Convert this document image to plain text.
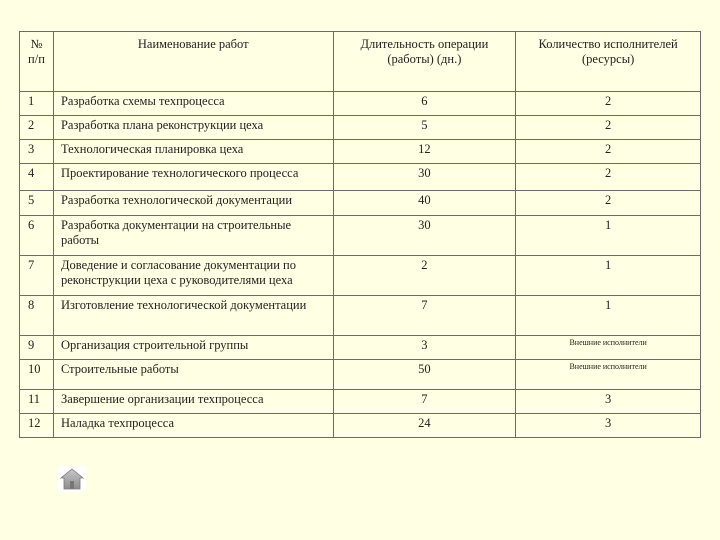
№ п/п	Наименование работ	Длительность операции (работы) (дн.)	Количество исполнителей (ресурсы)
1	Разработка схемы техпроцесса	6	2
2	Разработка плана реконструкции цеха	5	2
3	Технологическая планировка цеха	12	2
4	Проектирование технологического процесса	30	2
5	Разработка технологической документации	40	2
6	Разработка документации на строительные работы	30	1
7	Доведение и согласование документации по реконструкции цеха с руководителями цеха	2	1
8	Изготовление технологической документации	7	1
9	Организация строительной группы	3	Внешние исполнители
10	Строительные работы	50	Внешние исполнители
11	Завершение организации техпроцесса	7	3
12	Наладка техпроцесса	24	3
